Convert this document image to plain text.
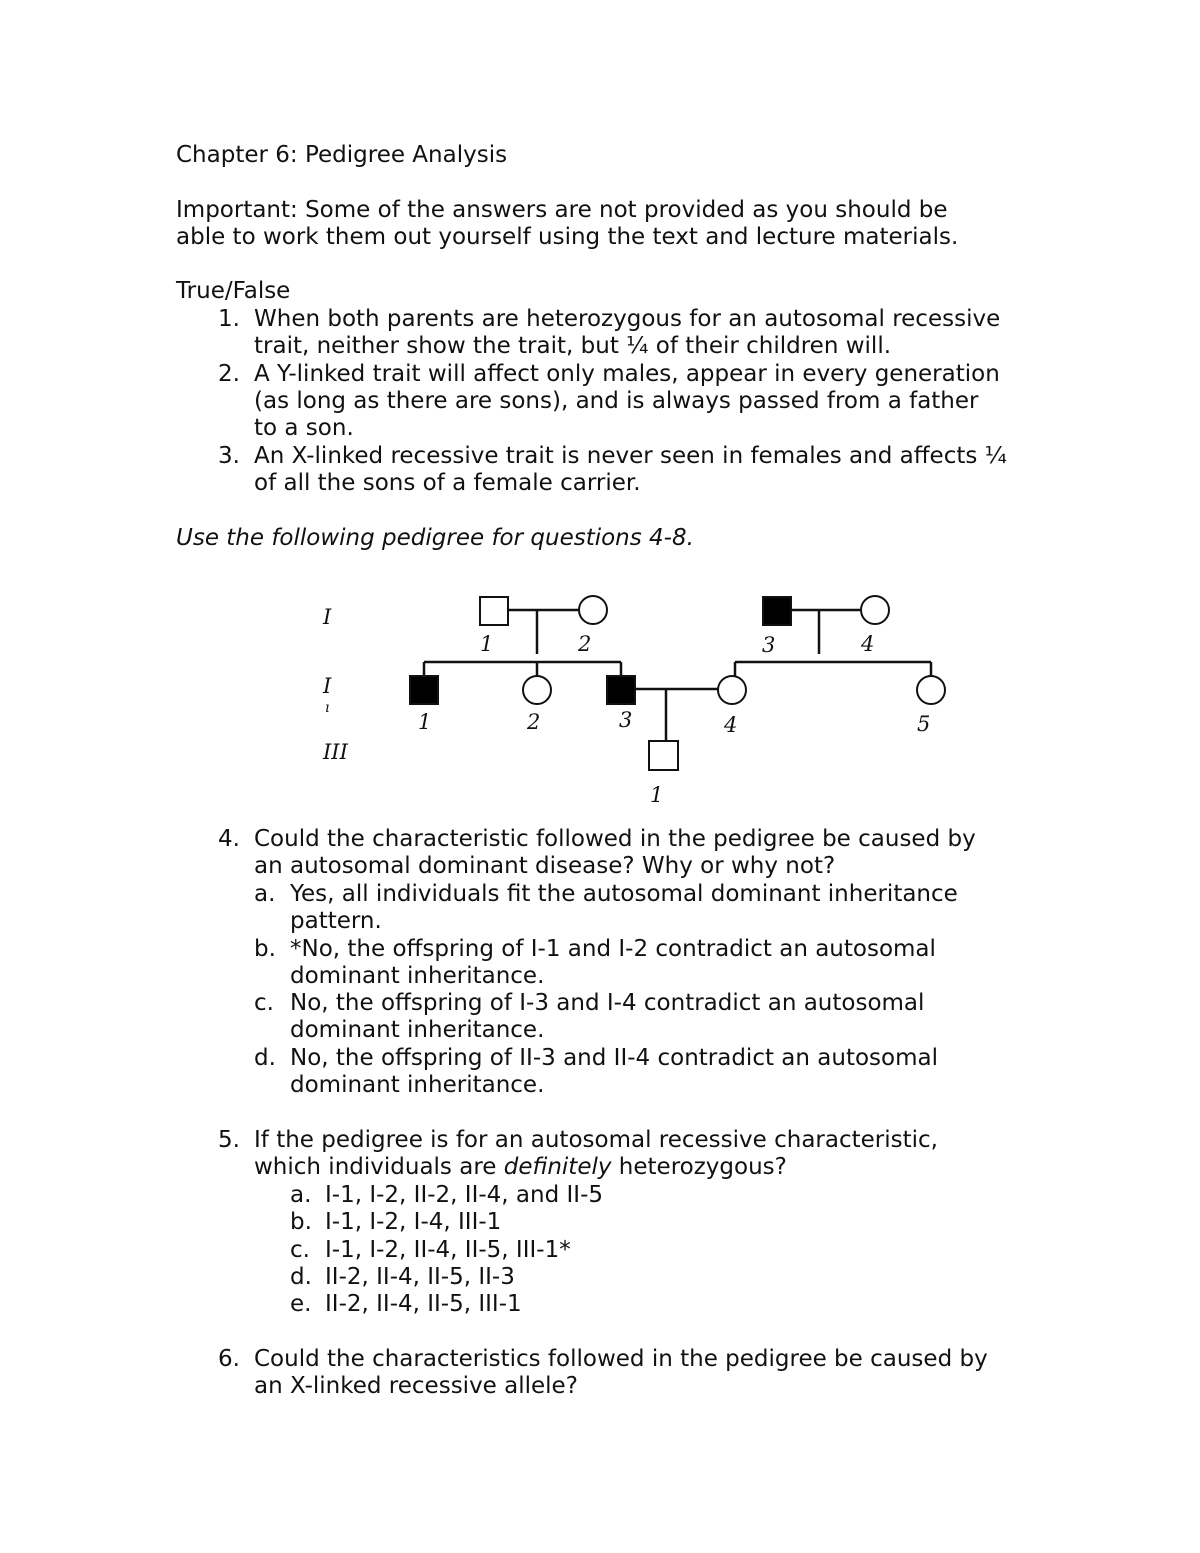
Chapter 6: Pedigree Analysis
Important: Some of the answers are not provided as you should be
able to work them out yourself using the text and lecture materials.
True/False
1. When both parents are heterozygous for an autosomal recessive
trait, neither show the trait, but ¼ of their children will.
2. A Y-linked trait will affect only males, appear in every generation
(as long as there are sons), and is always passed from a father
to a son.
3. An X-linked recessive trait is never seen in females and affects ¼
of all the sons of a female carrier.
Use the following pedigree for questions 4-8.
I
I
ı
III
1	2	3	4
1	2	3	4	5
1
4. Could the characteristic followed in the pedigree be caused by
an autosomal dominant disease? Why or why not?
a. Yes, all individuals fit the autosomal dominant inheritance
pattern.
b. *No, the offspring of I-1 and I-2 contradict an autosomal
dominant inheritance.
c. No, the offspring of I-3 and I-4 contradict an autosomal
dominant inheritance.
d. No, the offspring of II-3 and II-4 contradict an autosomal
dominant inheritance.
5. If the pedigree is for an autosomal recessive characteristic,
which individuals are definitely heterozygous?
a. I-1, I-2, II-2, II-4, and II-5
b. I-1, I-2, I-4, III-1
c. I-1, I-2, II-4, II-5, III-1*
d. II-2, II-4, II-5, II-3
e. II-2, II-4, II-5, III-1
6. Could the characteristics followed in the pedigree be caused by
an X-linked recessive allele?
